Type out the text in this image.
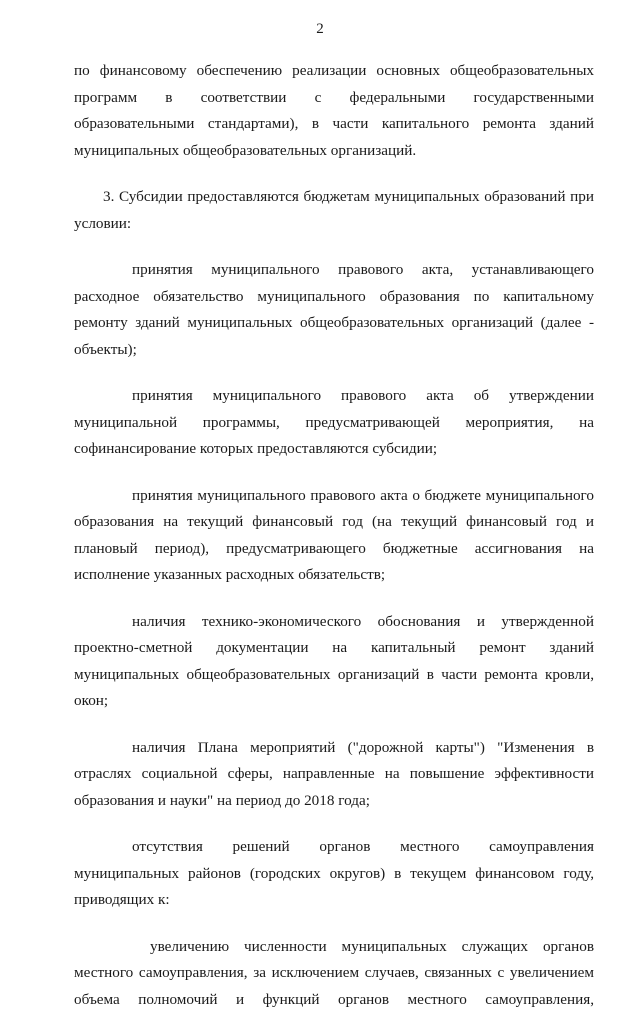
2

по финансовому обеспечению реализации основных общеобразовательных программ в соответствии с федеральными государственными образовательными стандартами), в части капитального ремонта зданий муниципальных общеобразовательных организаций.

3. Субсидии предоставляются бюджетам муниципальных образований при условии:

принятия муниципального правового акта, устанавливающего расходное обязательство муниципального образования по капитальному ремонту зданий муниципальных общеобразовательных организаций (далее - объекты);

принятия муниципального правового акта об утверждении муниципальной программы, предусматривающей мероприятия, на софинансирование которых предоставляются субсидии;

принятия муниципального правового акта о бюджете муниципального образования на текущий финансовый год (на текущий финансовый год и плановый период), предусматривающего бюджетные ассигнования на исполнение указанных расходных обязательств;

наличия технико-экономического обоснования и утвержденной проектно-сметной документации на капитальный ремонт зданий муниципальных общеобразовательных организаций в части ремонта кровли, окон;

наличия Плана мероприятий ("дорожной карты") "Изменения в отраслях социальной сферы, направленные на повышение эффективности образования и науки" на период до 2018 года;

отсутствия решений органов местного самоуправления муниципальных районов (городских округов) в текущем финансовом году, приводящих к:

увеличению численности муниципальных служащих органов местного самоуправления, за исключением случаев, связанных с увеличением объема полномочий и функций органов местного самоуправления,
